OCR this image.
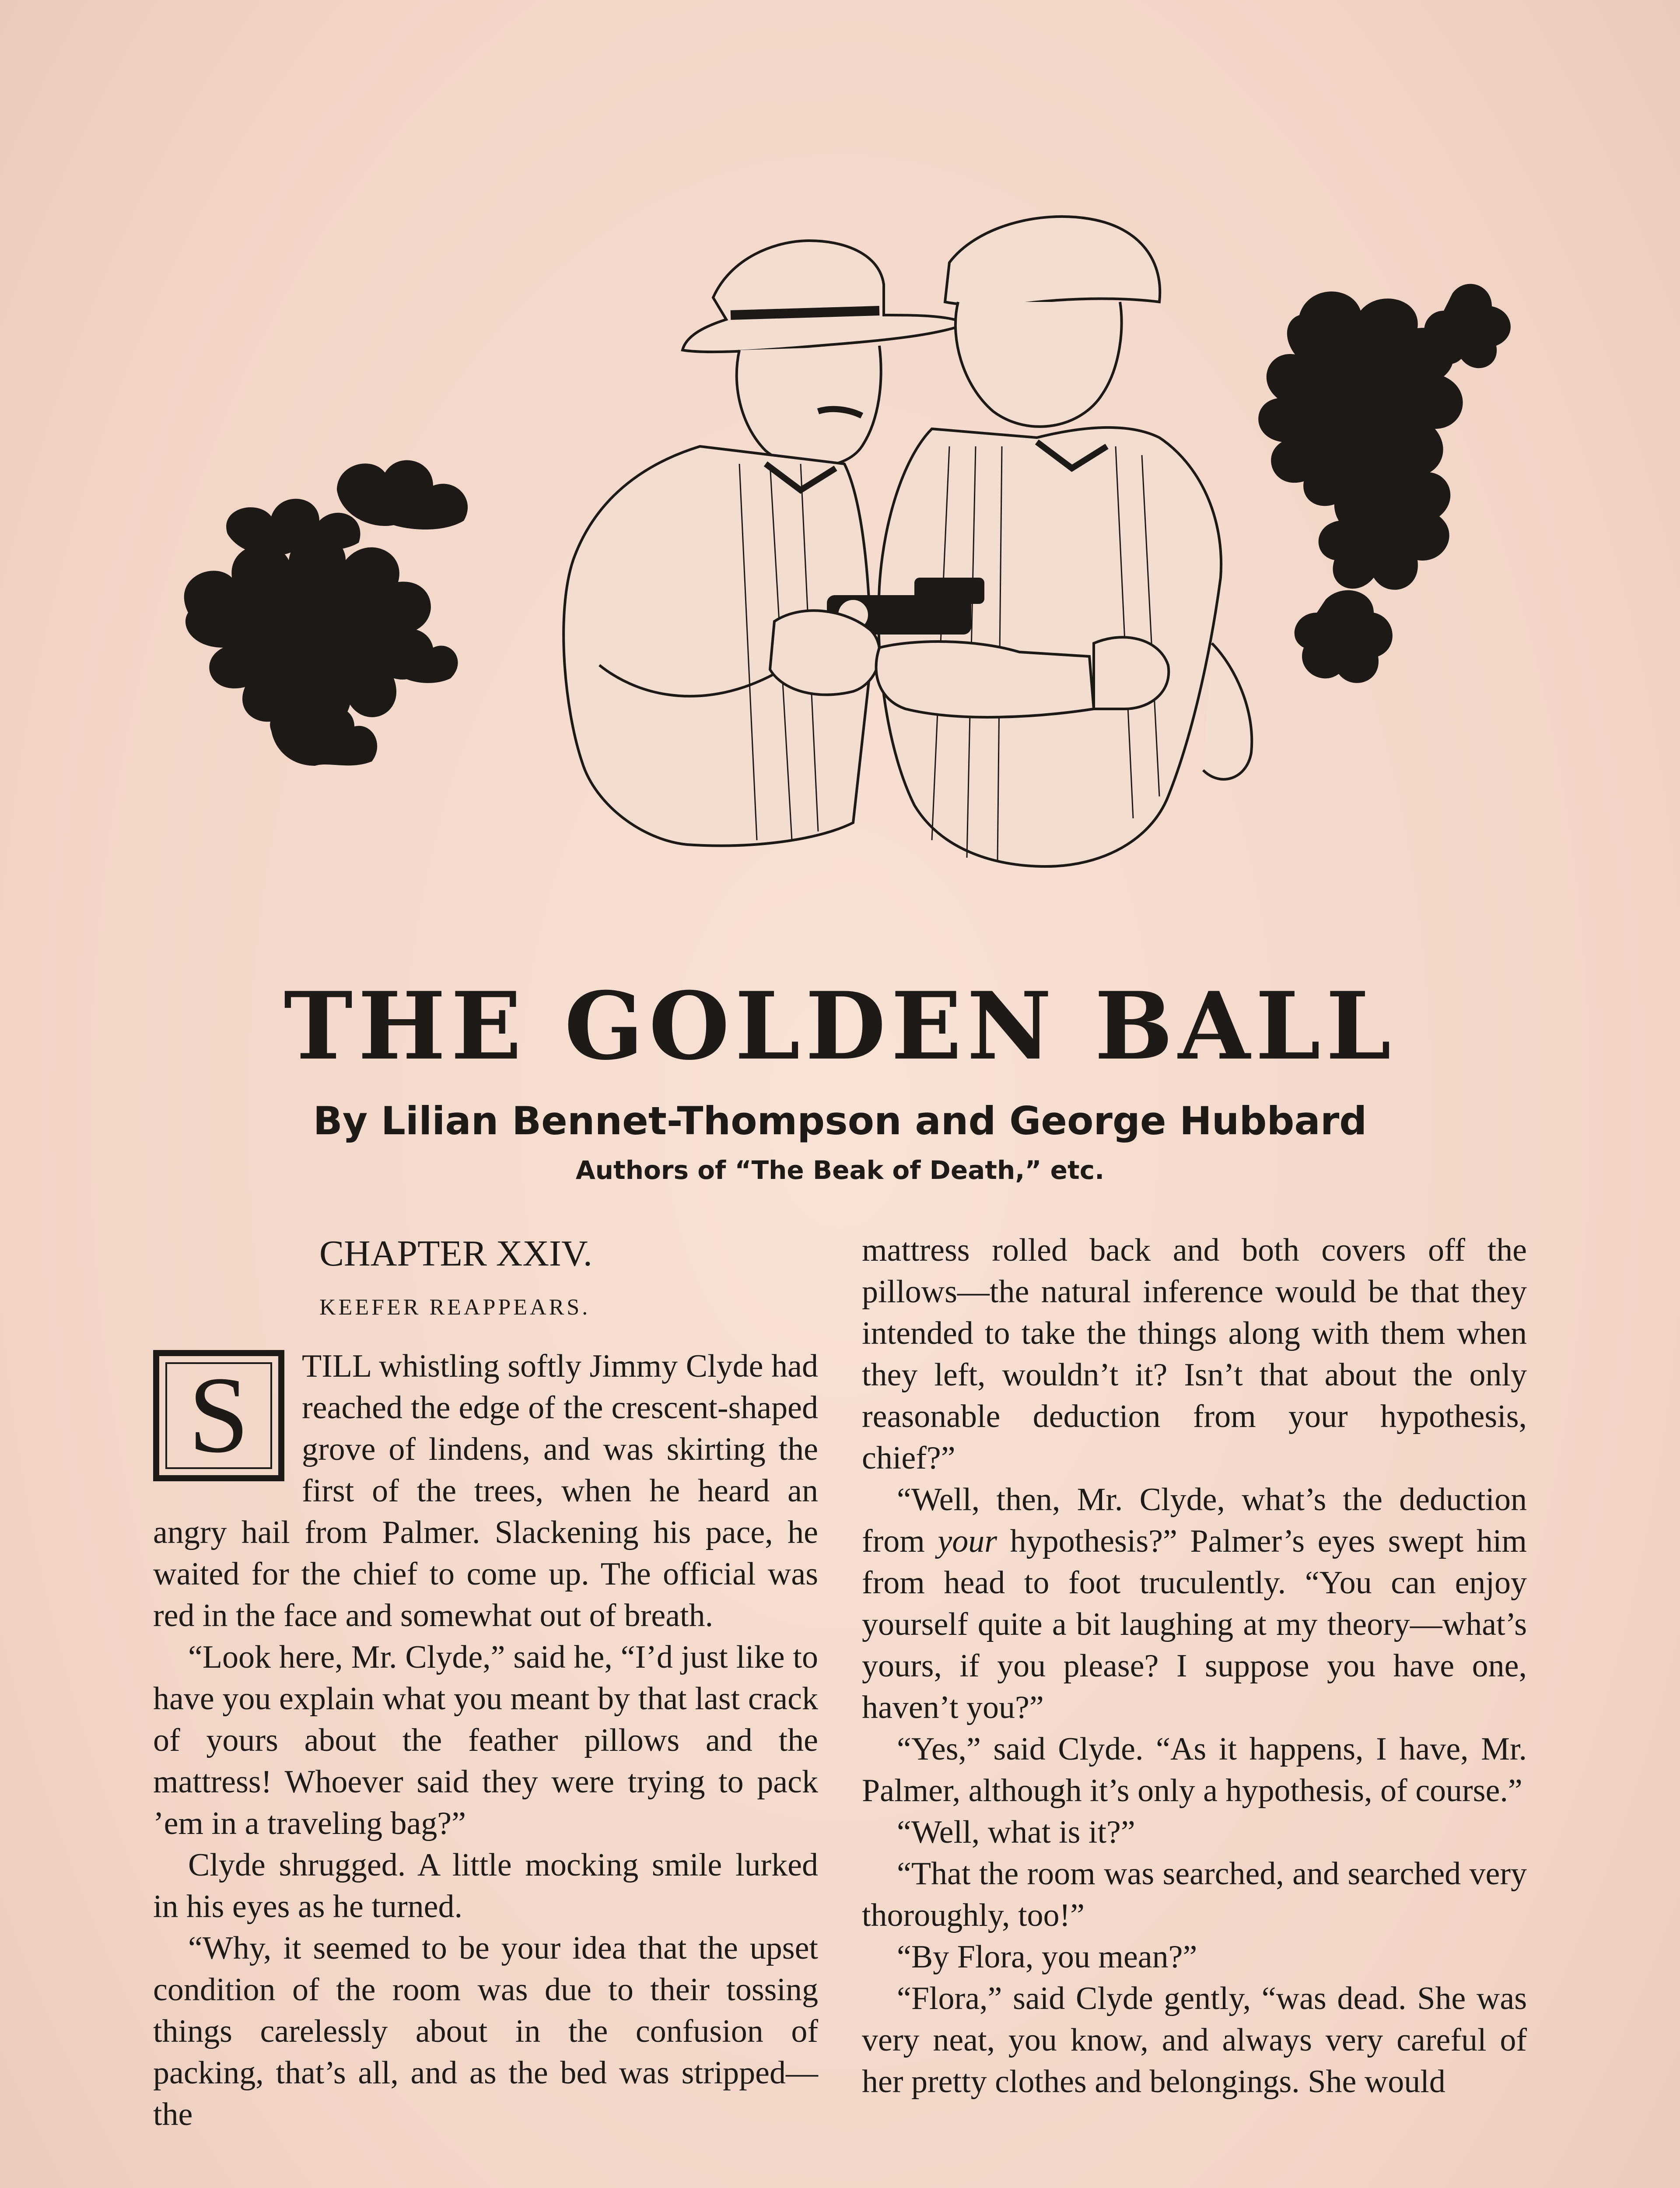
THE GOLDEN BALL
By Lilian Bennet-Thompson and George Hubbard
Authors of “The Beak of Death,” etc.
CHAPTER XXIV.
KEEFER REAPPEARS.

S	TILL whistling softly Jimmy Clyde had reached the edge of the crescent-shaped grove of lindens, and was skirting the first of the trees, when he heard an angry hail from Palmer. Slackening his pace, he waited for the chief to come up. The official was red in the face and somewhat out of breath.

“Look here, Mr. Clyde,” said he, “I’d just like to have you explain what you meant by that last crack of yours about the feather pillows and the mattress! Whoever said they were trying to pack ’em in a traveling bag?”

Clyde shrugged. A little mocking smile lurked in his eyes as he turned.

“Why, it seemed to be your idea that the upset condition of the room was due to their tossing things carelessly about in the confusion of packing, that’s all, and as the bed was stripped—the

mattress rolled back and both covers off the pillows—the natural inference would be that they intended to take the things along with them when they left, wouldn’t it? Isn’t that about the only reasonable deduction from your hypothesis, chief?”

“Well, then, Mr. Clyde, what’s the deduction from your hypothesis?” Palmer’s eyes swept him from head to foot truculently. “You can enjoy yourself quite a bit laughing at my theory—what’s yours, if you please? I suppose you have one, haven’t you?”

“Yes,” said Clyde. “As it happens, I have, Mr. Palmer, although it’s only a hypothesis, of course.”

“Well, what is it?”

“That the room was searched, and searched very thoroughly, too!”

“By Flora, you mean?”

“Flora,” said Clyde gently, “was dead. She was very neat, you know, and always very careful of her pretty clothes and belongings. She would
